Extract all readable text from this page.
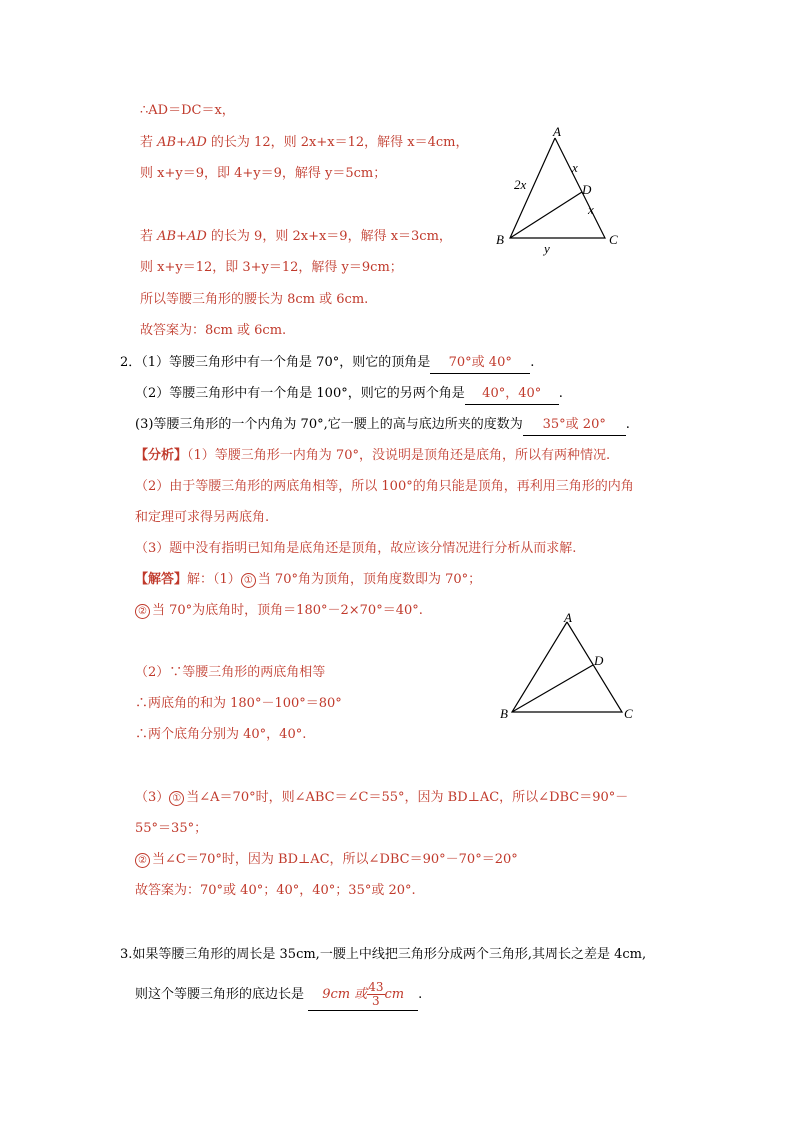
∴AD＝DC＝x，
若 AB+AD 的长为 12，则 2x+x＝12，解得 x＝4cm，
则 x+y＝9，即 4+y＝9，解得 y＝5cm；
若 AB+AD 的长为 9，则 2x+x＝9，解得 x＝3cm，
则 x+y＝12，即 3+y＝12，解得 y＝9cm；
所以等腰三角形的腰长为 8cm 或 6cm.
故答案为：8cm 或 6cm.
A
B	C
D
x
x
2x
y
2．（1）等腰三角形中有一个角是 70°，则它的顶角是 70°或 40° .
（2）等腰三角形中有一个角是 100°，则它的另两个角是 40°，40° .
(3)等腰三角形的一个内角为 70°,它一腰上的高与底边所夹的度数为 35°或 20° .
【分析】（1）等腰三角形一内角为 70°，没说明是顶角还是底角，所以有两种情况.
（2）由于等腰三角形的两底角相等，所以 100°的角只能是顶角，再利用三角形的内角
和定理可求得另两底角.
（3）题中没有指明已知角是底角还是顶角，故应该分情况进行分析从而求解.
【解答】解：（1） ① 当 70°角为顶角，顶角度数即为 70°；
② 当 70°为底角时，顶角＝180°－2×70°＝40°.
（2）∵等腰三角形的两底角相等
∴两底角的和为 180°－100°＝80°
∴两个底角分别为 40°，40°.
A
B	C
D
（3） ① 当∠A＝70°时，则∠ABC＝∠C＝55°，因为 BD⊥AC，所以∠DBC＝90°－
55°＝35°；
② 当∠C＝70°时，因为 BD⊥AC，所以∠DBC＝90°－70°＝20°
故答案为：70°或 40°；40°，40°；35°或 20°.
3.如果等腰三角形的周长是 35cm,一腰上中线把三角形分成两个三角形,其周长之差是 4cm,
则这个等腰三角形的底边长是 9cm 或 $\frac{43}{3}$ cm .
